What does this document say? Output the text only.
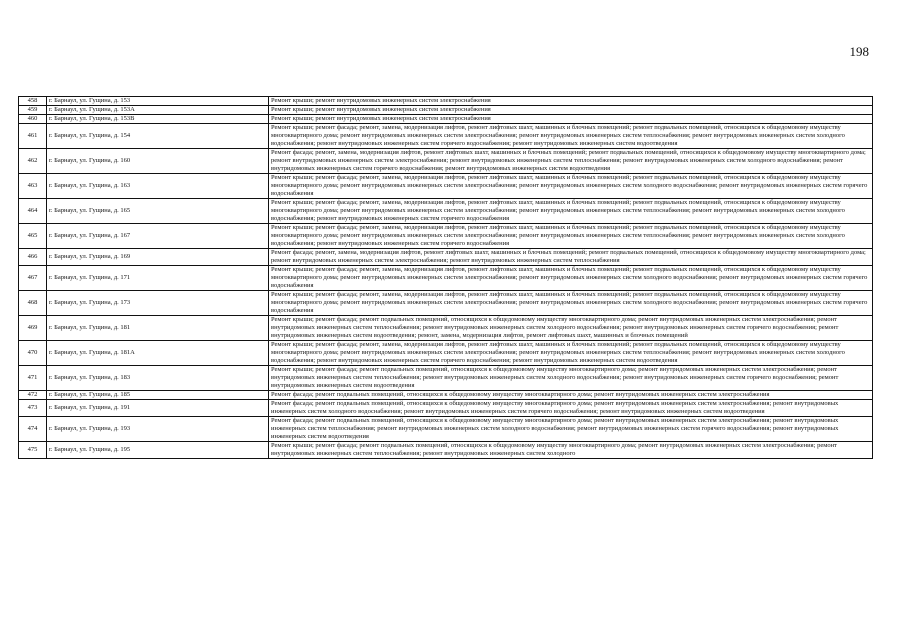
198
458	г. Барнаул, ул. Гущина, д. 153	Ремонт крыши; ремонт внутридомовых инженерных систем электроснабжения
459	г. Барнаул, ул. Гущина, д. 153А	Ремонт крыши; ремонт внутридомовых инженерных систем электроснабжения
460	г. Барнаул, ул. Гущина, д. 153В	Ремонт крыши; ремонт внутридомовых инженерных систем электроснабжения
461	г. Барнаул, ул. Гущина, д. 154	Ремонт крыши; ремонт фасада; ремонт, замена, модернизация лифтов, ремонт лифтовых шахт, машинных и блочных помещений; ремонт подвальных помещений, относящихся к общедомовому имуществу многоквартирного дома; ремонт внутридомовых инженерных систем электроснабжения; ремонт внутридомовых инженерных систем теплоснабжения; ремонт внутридомовых инженерных систем холодного водоснабжения; ремонт внутридомовых инженерных систем горячего водоснабжения; ремонт внутридомовых инженерных систем водоотведения
462	г. Барнаул, ул. Гущина, д. 160	Ремонт фасада; ремонт, замена, модернизация лифтов, ремонт лифтовых шахт, машинных и блочных помещений; ремонт подвальных помещений, относящихся к общедомовому имуществу многоквартирного дома; ремонт внутридомовых инженерных систем электроснабжения; ремонт внутридомовых инженерных систем теплоснабжения; ремонт внутридомовых инженерных систем холодного водоснабжения; ремонт внутридомовых инженерных систем горячего водоснабжения; ремонт внутридомовых инженерных систем водоотведения
463	г. Барнаул, ул. Гущина, д. 163	Ремонт крыши; ремонт фасада; ремонт, замена, модернизация лифтов, ремонт лифтовых шахт, машинных и блочных помещений; ремонт подвальных помещений, относящихся к общедомовому имуществу многоквартирного дома; ремонт внутридомовых инженерных систем электроснабжения; ремонт внутридомовых инженерных систем холодного водоснабжения; ремонт внутридомовых инженерных систем горячего водоснабжения
464	г. Барнаул, ул. Гущина, д. 165	Ремонт крыши; ремонт фасада; ремонт, замена, модернизация лифтов, ремонт лифтовых шахт, машинных и блочных помещений; ремонт подвальных помещений, относящихся к общедомовому имуществу многоквартирного дома; ремонт внутридомовых инженерных систем электроснабжения; ремонт внутридомовых инженерных систем теплоснабжения; ремонт внутридомовых инженерных систем холодного водоснабжения; ремонт внутридомовых инженерных систем горячего водоснабжения
465	г. Барнаул, ул. Гущина, д. 167	Ремонт крыши; ремонт фасада; ремонт, замена, модернизация лифтов, ремонт лифтовых шахт, машинных и блочных помещений; ремонт подвальных помещений, относящихся к общедомовому имуществу многоквартирного дома; ремонт внутридомовых инженерных систем электроснабжения; ремонт внутридомовых инженерных систем теплоснабжения; ремонт внутридомовых инженерных систем холодного водоснабжения; ремонт внутридомовых инженерных систем горячего водоснабжения
466	г. Барнаул, ул. Гущина, д. 169	Ремонт фасада; ремонт, замена, модернизация лифтов, ремонт лифтовых шахт, машинных и блочных помещений; ремонт подвальных помещений, относящихся к общедомовому имуществу многоквартирного дома; ремонт внутридомовых инженерных систем электроснабжения; ремонт внутридомовых инженерных систем теплоснабжения
467	г. Барнаул, ул. Гущина, д. 171	Ремонт крыши; ремонт фасада; ремонт, замена, модернизация лифтов, ремонт лифтовых шахт, машинных и блочных помещений; ремонт подвальных помещений, относящихся к общедомовому имуществу многоквартирного дома; ремонт внутридомовых инженерных систем электроснабжения; ремонт внутридомовых инженерных систем холодного водоснабжения; ремонт внутридомовых инженерных систем горячего водоснабжения
468	г. Барнаул, ул. Гущина, д. 173	Ремонт крыши; ремонт фасада; ремонт, замена, модернизация лифтов, ремонт лифтовых шахт, машинных и блочных помещений; ремонт подвальных помещений, относящихся к общедомовому имуществу многоквартирного дома; ремонт внутридомовых инженерных систем электроснабжения; ремонт внутридомовых инженерных систем холодного водоснабжения; ремонт внутридомовых инженерных систем горячего водоснабжения
469	г. Барнаул, ул. Гущина, д. 181	Ремонт крыши; ремонт фасада; ремонт подвальных помещений, относящихся к общедомовому имуществу многоквартирного дома; ремонт внутридомовых инженерных систем электроснабжения; ремонт внутридомовых инженерных систем теплоснабжения; ремонт внутридомовых инженерных систем холодного водоснабжения; ремонт внутридомовых инженерных систем горячего водоснабжения; ремонт внутридомовых инженерных систем водоотведения; ремонт, замена, модернизация лифтов, ремонт лифтовых шахт, машинных и блочных помещений
470	г. Барнаул, ул. Гущина, д. 181А	Ремонт крыши; ремонт фасада; ремонт, замена, модернизация лифтов, ремонт лифтовых шахт, машинных и блочных помещений; ремонт подвальных помещений, относящихся к общедомовому имуществу многоквартирного дома; ремонт внутридомовых инженерных систем электроснабжения; ремонт внутридомовых инженерных систем теплоснабжения; ремонт внутридомовых инженерных систем холодного водоснабжения; ремонт внутридомовых инженерных систем горячего водоснабжения; ремонт внутридомовых инженерных систем водоотведения
471	г. Барнаул, ул. Гущина, д. 183	Ремонт крыши; ремонт фасада; ремонт подвальных помещений, относящихся к общедомовому имуществу многоквартирного дома; ремонт внутридомовых инженерных систем электроснабжения; ремонт внутридомовых инженерных систем теплоснабжения; ремонт внутридомовых инженерных систем холодного водоснабжения; ремонт внутридомовых инженерных систем горячего водоснабжения; ремонт внутридомовых инженерных систем водоотведения
472	г. Барнаул, ул. Гущина, д. 185	Ремонт фасада; ремонт подвальных помещений, относящихся к общедомовому имуществу многоквартирного дома; ремонт внутридомовых инженерных систем электроснабжения
473	г. Барнаул, ул. Гущина, д. 191	Ремонт фасада; ремонт подвальных помещений, относящихся к общедомовому имуществу многоквартирного дома; ремонт внутридомовых инженерных систем электроснабжения; ремонт внутридомовых инженерных систем холодного водоснабжения; ремонт внутридомовых инженерных систем горячего водоснабжения; ремонт внутридомовых инженерных систем водоотведения
474	г. Барнаул, ул. Гущина, д. 193	Ремонт фасада; ремонт подвальных помещений, относящихся к общедомовому имуществу многоквартирного дома; ремонт внутридомовых инженерных систем электроснабжения; ремонт внутридомовых инженерных систем теплоснабжения; ремонт внутридомовых инженерных систем холодного водоснабжения; ремонт внутридомовых инженерных систем горячего водоснабжения; ремонт внутридомовых инженерных систем водоотведения
475	г. Барнаул, ул. Гущина, д. 195	Ремонт крыши; ремонт фасада; ремонт подвальных помещений, относящихся к общедомовому имуществу многоквартирного дома; ремонт внутридомовых инженерных систем электроснабжения; ремонт внутридомовых инженерных систем теплоснабжения; ремонт внутридомовых инженерных систем холодного
